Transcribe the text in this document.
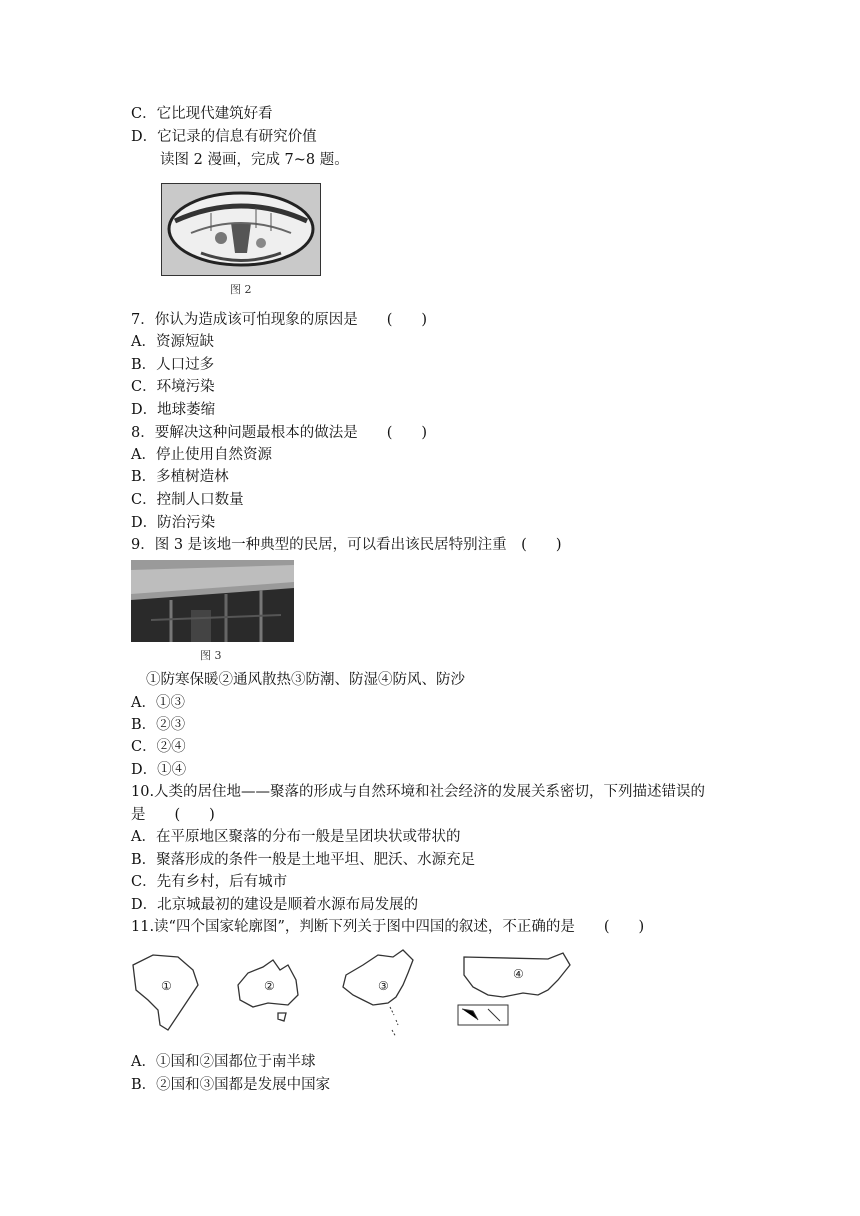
C．它比现代建筑好看
D．它记录的信息有研究价值
读图 2 漫画，完成 7~8 题。
图 2
7．你认为造成该可怕现象的原因是　　(　　)
A．资源短缺
B．人口过多
C．环境污染
D．地球萎缩
8．要解决这种问题最根本的做法是　　(　　)
A．停止使用自然资源
B．多植树造林
C．控制人口数量
D．防治污染
9．图 3 是该地一种典型的民居，可以看出该民居特别注重　(　　)
图 3
①防寒保暖②通风散热③防潮、防湿④防风、防沙
A．①③
B．②③
C．②④
D．①④
10.人类的居住地——聚落的形成与自然环境和社会经济的发展关系密切，下列描述错误的
是　　(　　)
A．在平原地区聚落的分布一般是呈团块状或带状的
B．聚落形成的条件一般是土地平坦、肥沃、水源充足
C．先有乡村，后有城市
D．北京城最初的建设是顺着水源布局发展的
11.读“四个国家轮廓图”，判断下列关于图中四国的叙述，不正确的是　　(　　)
①	②	③
④
A．①国和②国都位于南半球
B．②国和③国都是发展中国家
